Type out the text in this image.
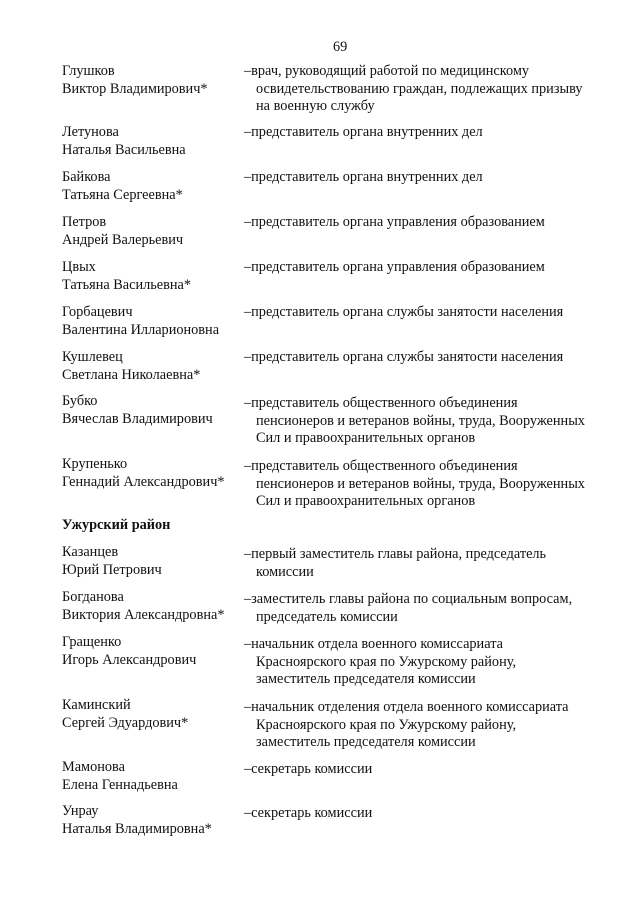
69
Глушков
Виктор Владимирович*
–врач, руководящий работой по медицинскому
освидетельствованию граждан, подлежащих призыву
на военную службу
Летунова
Наталья Васильевна
–представитель органа внутренних дел
Байкова
Татьяна Сергеевна*
–представитель органа внутренних дел
Петров
Андрей Валерьевич
–представитель органа управления образованием
Цвых
Татьяна Васильевна*
–представитель органа управления образованием
Горбацевич
Валентина Илларионовна
–представитель органа службы занятости населения
Кушлевец
Светлана Николаевна*
–представитель органа службы занятости населения
Бубко
Вячеслав Владимирович
–представитель общественного объединения
пенсионеров и ветеранов войны, труда, Вооруженных
Сил и правоохранительных органов
Крупенько
Геннадий Александрович*
–представитель общественного объединения
пенсионеров и ветеранов войны, труда, Вооруженных
Сил и правоохранительных органов
Ужурский район
Казанцев
Юрий Петрович
–первый заместитель главы района, председатель
комиссии
Богданова
Виктория Александровна*
–заместитель главы района по социальным вопросам,
председатель комиссии
Гращенко
Игорь Александрович
–начальник отдела военного комиссариата
Красноярского края по Ужурскому району,
заместитель председателя комиссии
Каминский
Сергей Эдуардович*
–начальник отделения отдела военного комиссариата
Красноярского края по Ужурскому району,
заместитель председателя комиссии
Мамонова
Елена Геннадьевна
–секретарь комиссии
Унрау
Наталья Владимировна*
–секретарь комиссии
